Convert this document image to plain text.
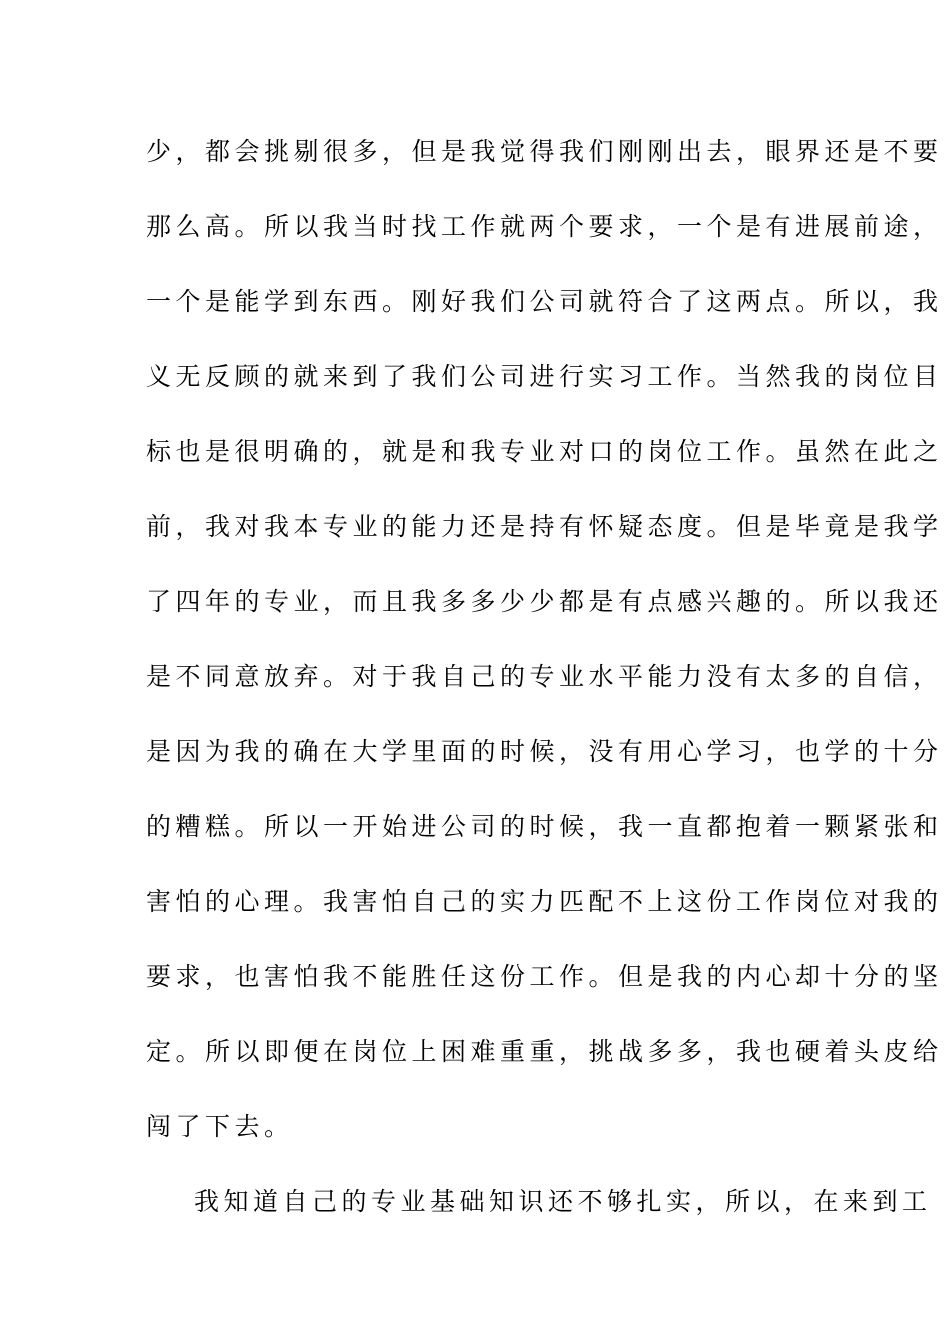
少，都会挑剔很多，但是我觉得我们刚刚出去，眼界还是不要
那么高。所以我当时找工作就两个要求，一个是有进展前途，
一个是能学到东西。刚好我们公司就符合了这两点。所以，我
义无反顾的就来到了我们公司进行实习工作。当然我的岗位目
标也是很明确的，就是和我专业对口的岗位工作。虽然在此之
前，我对我本专业的能力还是持有怀疑态度。但是毕竟是我学
了四年的专业，而且我多多少少都是有点感兴趣的。所以我还
是不同意放弃。对于我自己的专业水平能力没有太多的自信，
是因为我的确在大学里面的时候，没有用心学习，也学的十分
的糟糕。所以一开始进公司的时候，我一直都抱着一颗紧张和
害怕的心理。我害怕自己的实力匹配不上这份工作岗位对我的
要求，也害怕我不能胜任这份工作。但是我的内心却十分的坚
定。所以即便在岗位上困难重重，挑战多多，我也硬着头皮给
闯了下去。
我知道自己的专业基础知识还不够扎实，所以，在来到工
